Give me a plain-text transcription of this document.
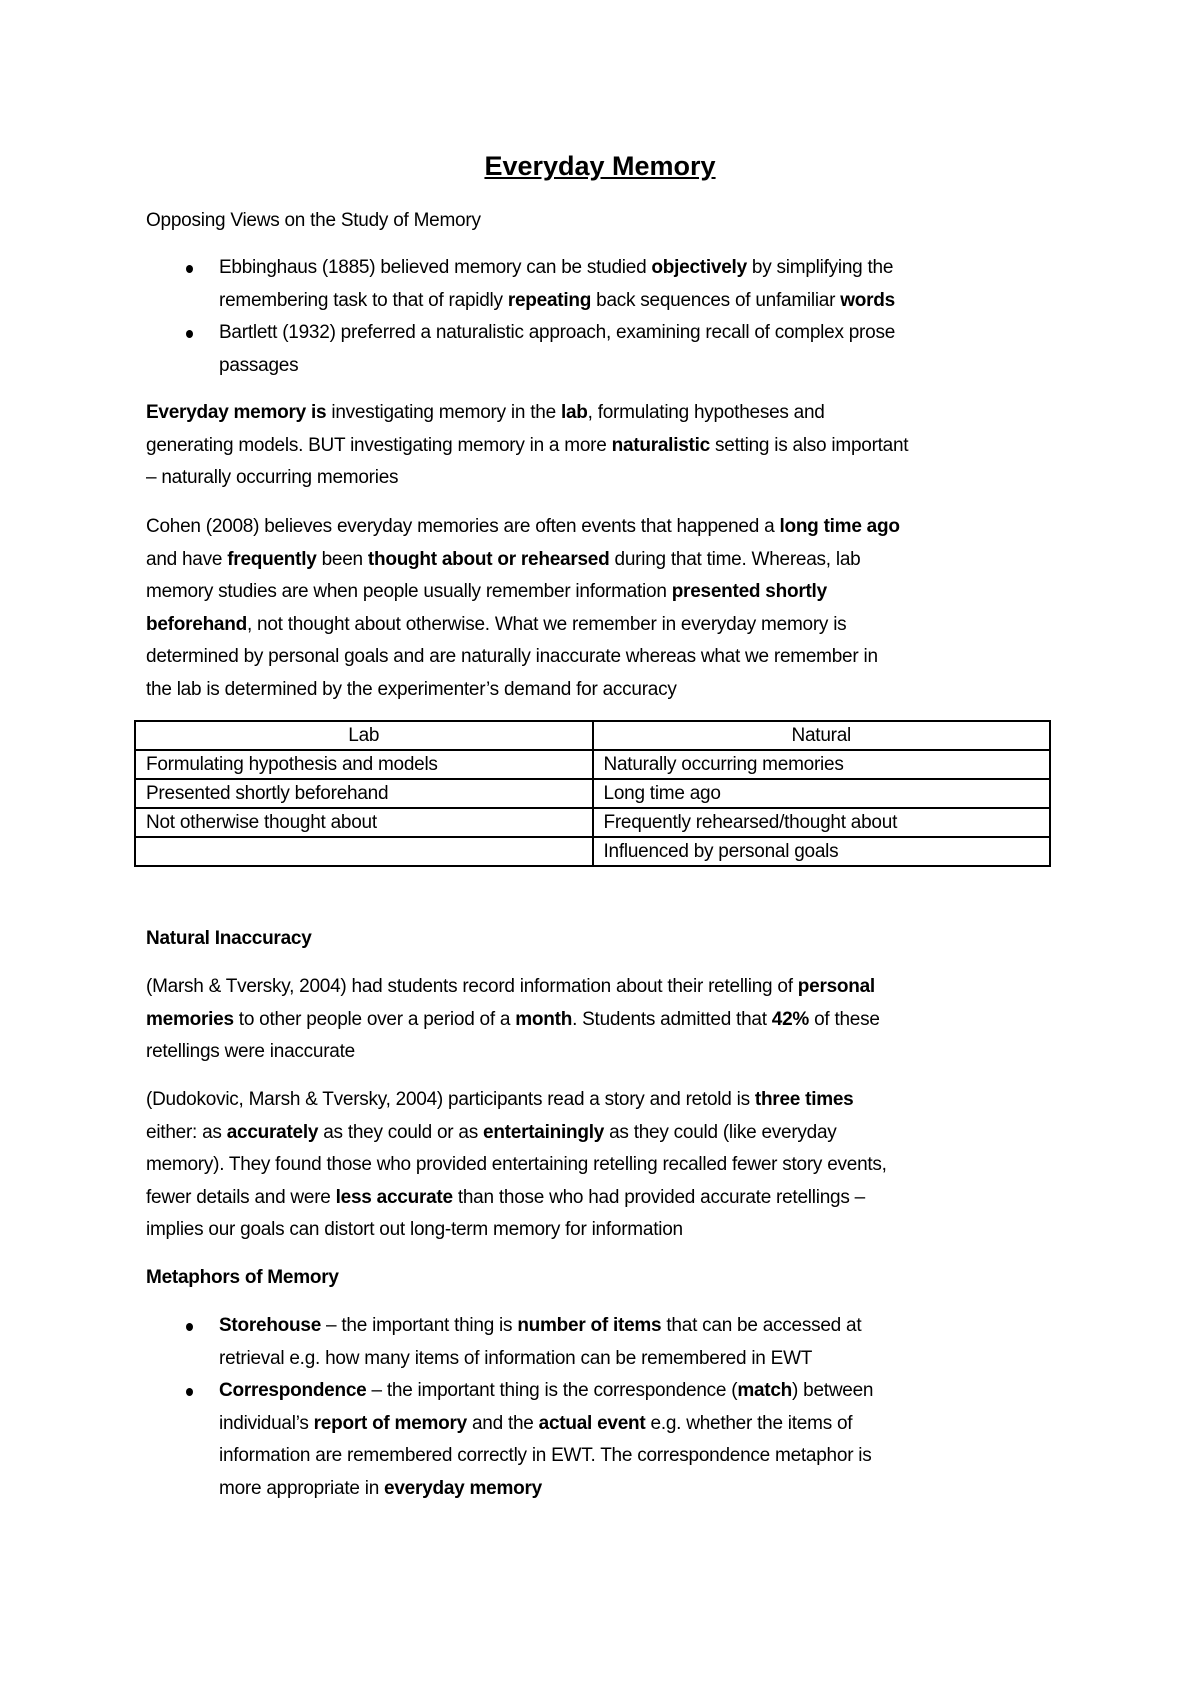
Everyday Memory
Opposing Views on the Study of Memory
Ebbinghaus (1885) believed memory can be studied objectively by simplifying the
remembering task to that of rapidly repeating back sequences of unfamiliar words
Bartlett (1932) preferred a naturalistic approach, examining recall of complex prose
passages
Everyday memory is investigating memory in the lab, formulating hypotheses and
generating models. BUT investigating memory in a more naturalistic setting is also important
– naturally occurring memories
Cohen (2008) believes everyday memories are often events that happened a long time ago
and have frequently been thought about or rehearsed during that time. Whereas, lab
memory studies are when people usually remember information presented shortly
beforehand, not thought about otherwise. What we remember in everyday memory is
determined by personal goals and are naturally inaccurate whereas what we remember in
the lab is determined by the experimenter’s demand for accuracy
Lab	Natural
Formulating hypothesis and models	Naturally occurring memories
Presented shortly beforehand	Long time ago
Not otherwise thought about	Frequently rehearsed/thought about
	Influenced by personal goals
Natural Inaccuracy
(Marsh & Tversky, 2004) had students record information about their retelling of personal
memories to other people over a period of a month. Students admitted that 42% of these
retellings were inaccurate
(Dudokovic, Marsh & Tversky, 2004) participants read a story and retold is three times
either: as accurately as they could or as entertainingly as they could (like everyday
memory). They found those who provided entertaining retelling recalled fewer story events,
fewer details and were less accurate than those who had provided accurate retellings –
implies our goals can distort out long-term memory for information
Metaphors of Memory
Storehouse – the important thing is number of items that can be accessed at
retrieval e.g. how many items of information can be remembered in EWT
Correspondence – the important thing is the correspondence (match) between
individual’s report of memory and the actual event e.g. whether the items of
information are remembered correctly in EWT. The correspondence metaphor is
more appropriate in everyday memory
